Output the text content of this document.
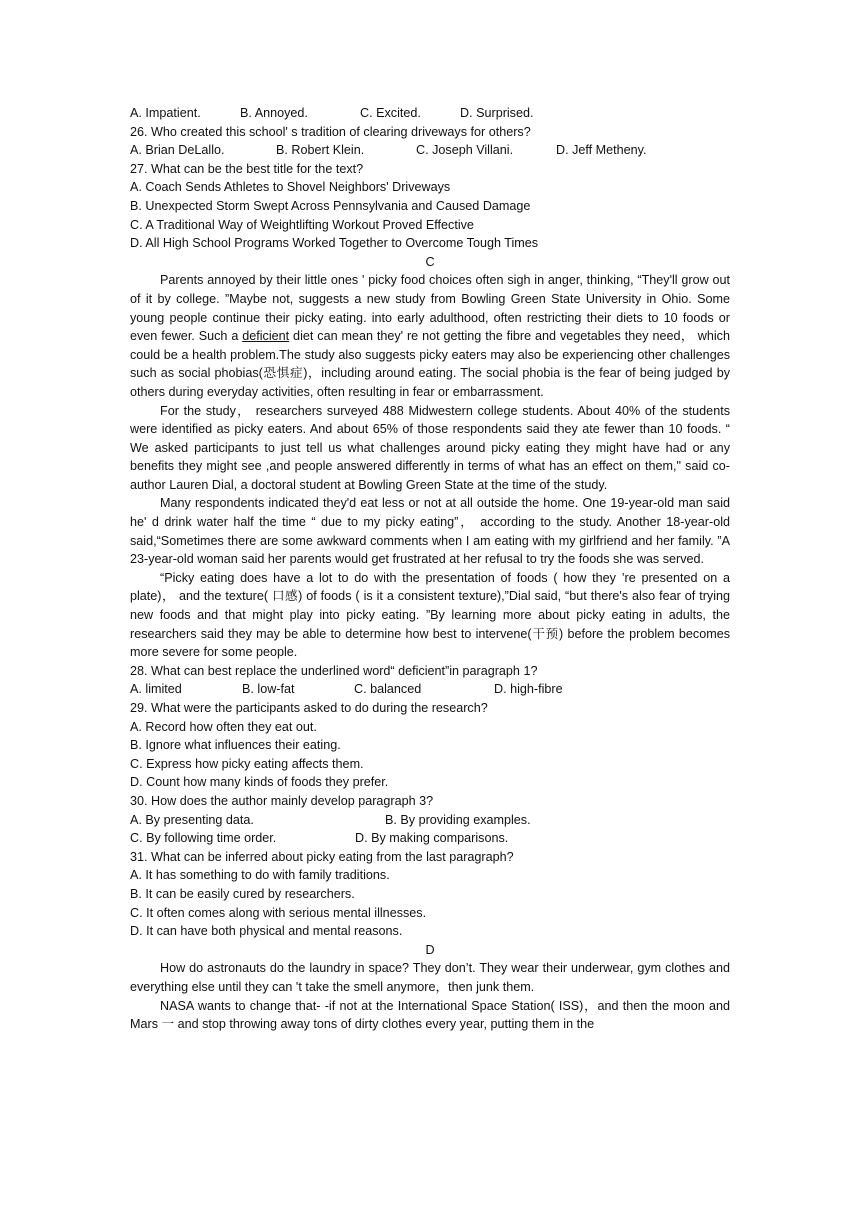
A. Impatient.	B. Annoyed.	C. Excited.	D. Surprised.
26. Who created this school' s tradition of clearing driveways for others?
A. Brian DeLallo.	B. Robert Klein.	C. Joseph Villani.	D. Jeff Metheny.
27. What can be the best title for the text?
A. Coach Sends Athletes to Shovel Neighbors' Driveways
B. Unexpected Storm Swept Across Pennsylvania and Caused Damage
C. A Traditional Way of Weightlifting Workout Proved Effective
D. All High School Programs Worked Together to Overcome Tough Times
C

Parents annoyed by their little ones ' picky food choices often sigh in anger, thinking, “They'll grow out of it by college. ”Maybe not, suggests a new study from Bowling Green State University in Ohio. Some young people continue their picky eating. into early adulthood, often restricting their diets to 10 foods or even fewer. Such a deficient diet can mean they' re not getting the fibre and vegetables they need， which could be a health problem.The study also suggests picky eaters may also be experiencing other challenges such as social phobias(恐惧症)，including around eating. The social phobia is the fear of being judged by others during everyday activities, often resulting in fear or embarrassment.

For the study， researchers surveyed 488 Midwestern college students. About 40% of the students were identified as picky eaters. And about 65% of those respondents said they ate fewer than 10 foods. “ We asked participants to just tell us what challenges around picky eating they might have had or any benefits they might see ,and people answered differently in terms of what has an effect on them," said co-author Lauren Dial, a doctoral student at Bowling Green State at the time of the study.

Many respondents indicated they'd eat less or not at all outside the home. One 19-year-old man said he' d drink water half the time “ due to my picky eating”， according to the study. Another 18-year-old said,“Sometimes there are some awkward comments when I am eating with my girlfriend and her family. ”A 23-year-old woman said her parents would get frustrated at her refusal to try the foods she was served.

“Picky eating does have a lot to do with the presentation of foods ( how they ’re presented on a plate)， and the texture( 口感) of foods ( is it a consistent texture),”Dial said, “but there's also fear of trying new foods and that might play into picky eating. ”By learning more about picky eating in adults, the researchers said they may be able to determine how best to intervene(干预) before the problem becomes more severe for some people.

28. What can best replace the underlined word“ deficient”in paragraph 1?
A. limited	B. low-fat	C. balanced	D. high-fibre
29. What were the participants asked to do during the research?
A. Record how often they eat out.
B. Ignore what influences their eating.
C. Express how picky eating affects them.
D. Count how many kinds of foods they prefer.
30. How does the author mainly develop paragraph 3?
A. By presenting data.	B. By providing examples.
C. By following time order.	D. By making comparisons.
31. What can be inferred about picky eating from the last paragraph?
A. It has something to do with family traditions.
B. It can be easily cured by researchers.
C. It often comes along with serious mental illnesses.
D. It can have both physical and mental reasons.
D

How do astronauts do the laundry in space? They don’t. They wear their underwear, gym clothes and everything else until they can 't take the smell anymore，then junk them.

NASA wants to change that- -if not at the International Space Station( ISS)，and then the moon and Mars 一 and stop throwing away tons of dirty clothes every year, putting them in the
